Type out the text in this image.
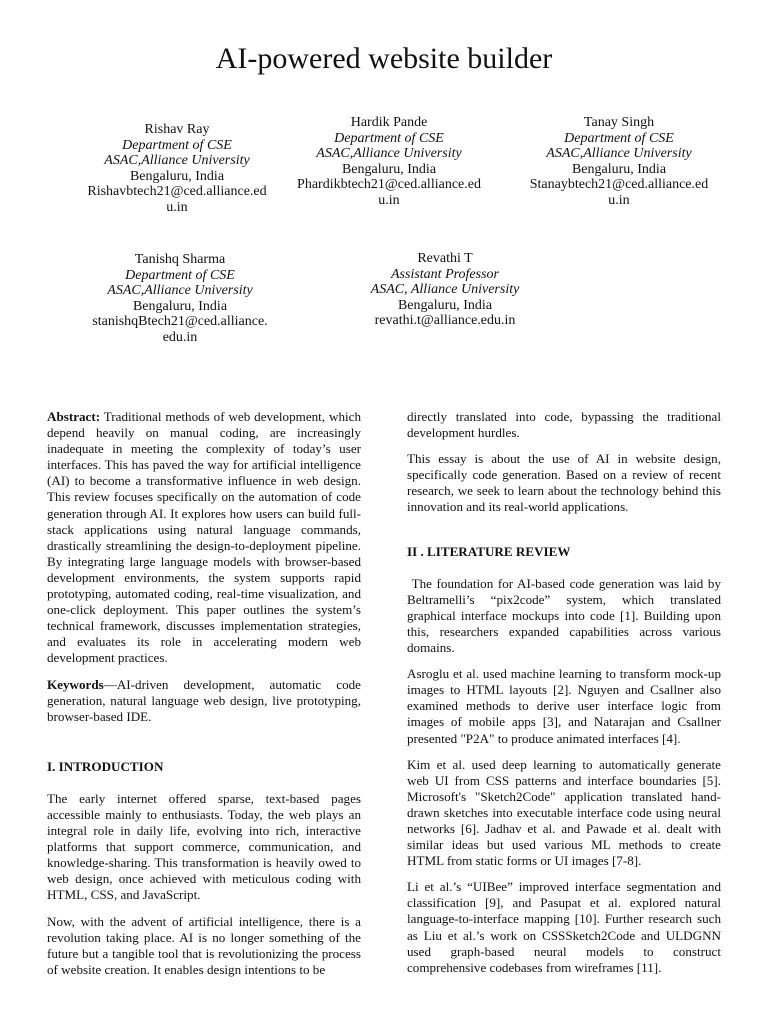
AI-powered website builder
Rishav Ray
Department of CSE
ASAC,Alliance University
Bengaluru, India
Rishavbtech21@ced.alliance.edu.in
Hardik Pande
Department of CSE
ASAC,Alliance University
Bengaluru, India
Phardikbtech21@ced.alliance.edu.in
Tanay Singh
Department of CSE
ASAC,Alliance University
Bengaluru, India
Stanaybtech21@ced.alliance.edu.in
Tanishq Sharma
Department of CSE
ASAC,Alliance University
Bengaluru, India
stanishqBtech21@ced.alliance.edu.in
Revathi T
Assistant Professor
ASAC, Alliance University
Bengaluru, India
revathi.t@alliance.edu.in

Abstract: Traditional methods of web development, which depend heavily on manual coding, are increasingly inadequate in meeting the complexity of today’s user interfaces. This has paved the way for artificial intelligence (AI) to become a transformative influence in web design. This review focuses specifically on the automation of code generation through AI. It explores how users can build full-stack applications using natural language commands, drastically streamlining the design-to-deployment pipeline. By integrating large language models with browser-based development environments, the system supports rapid prototyping, automated coding, real-time visualization, and one-click deployment. This paper outlines the system’s technical framework, discusses implementation strategies, and evaluates its role in accelerating modern web development practices.

Keywords—AI-driven development, automatic code generation, natural language web design, live prototyping, browser-based IDE.

I. INTRODUCTION

The early internet offered sparse, text-based pages accessible mainly to enthusiasts. Today, the web plays an integral role in daily life, evolving into rich, interactive platforms that support commerce, communication, and knowledge-sharing. This transformation is heavily owed to web design, once achieved with meticulous coding with HTML, CSS, and JavaScript.

Now, with the advent of artificial intelligence, there is a revolution taking place. AI is no longer something of the future but a tangible tool that is revolutionizing the process of website creation. It enables design intentions to be

directly translated into code, bypassing the traditional development hurdles.

This essay is about the use of AI in website design, specifically code generation. Based on a review of recent research, we seek to learn about the technology behind this innovation and its real-world applications.

II . LITERATURE REVIEW

The foundation for AI-based code generation was laid by Beltramelli’s “pix2code” system, which translated graphical interface mockups into code [1]. Building upon this, researchers expanded capabilities across various domains.

Asroglu et al. used machine learning to transform mock-up images to HTML layouts [2]. Nguyen and Csallner also examined methods to derive user interface logic from images of mobile apps [3], and Natarajan and Csallner presented "P2A" to produce animated interfaces [4].

Kim et al. used deep learning to automatically generate web UI from CSS patterns and interface boundaries [5]. Microsoft's "Sketch2Code" application translated hand-drawn sketches into executable interface code using neural networks [6]. Jadhav et al. and Pawade et al. dealt with similar ideas but used various ML methods to create HTML from static forms or UI images [7-8].

Li et al.’s “UIBee” improved interface segmentation and classification [9], and Pasupat et al. explored natural language-to-interface mapping [10]. Further research such as Liu et al.’s work on CSSSketch2Code and ULDGNN used graph-based neural models to construct comprehensive codebases from wireframes [11].
